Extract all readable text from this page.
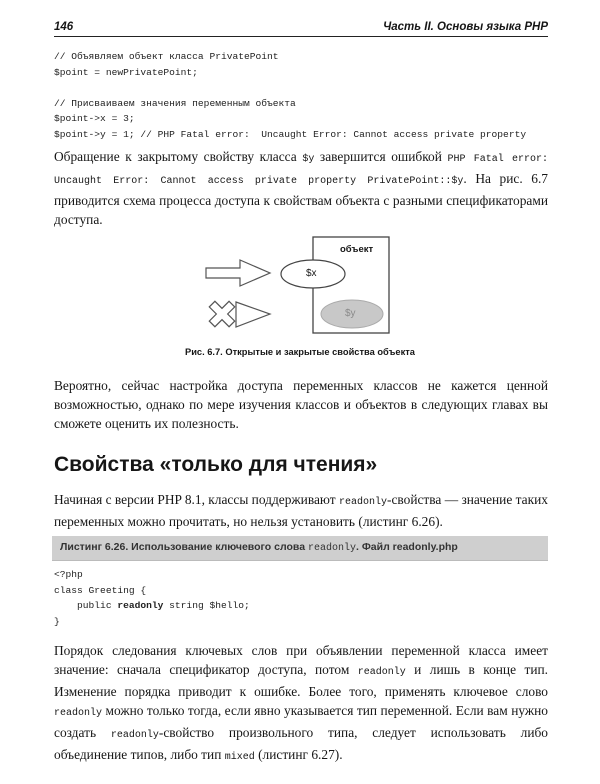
146	Часть II. Основы языка PHP
// Объявляем объект класса PrivatePoint
$point = newPrivatePoint;

// Присваиваем значения переменным объекта
$point->x = 3;
$point->y = 1; // PHP Fatal error:  Uncaught Error: Cannot access private property
Обращение к закрытому свойству класса $y завершится ошибкой PHP Fatal error: Uncaught Error: Cannot access private property PrivatePoint::$y. На рис. 6.7 приводится схема процесса доступа к свойствам объекта с разными спецификаторами доступа.
объект
$x
$y
Рис. 6.7. Открытые и закрытые свойства объекта
Вероятно, сейчас настройка доступа переменных классов не кажется ценной возможностью, однако по мере изучения классов и объектов в следующих главах вы сможете оценить их полезность.
Свойства «только для чтения»
Начиная с версии PHP 8.1, классы поддерживают readonly-свойства — значение таких переменных можно прочитать, но нельзя установить (листинг 6.26).
Листинг 6.26. Использование ключевого слова readonly. Файл readonly.php
<?php
class Greeting {
public readonly string $hello;
}
Порядок следования ключевых слов при объявлении переменной класса имеет значение: сначала спецификатор доступа, потом readonly и лишь в конце тип. Изменение порядка приводит к ошибке. Более того, применять ключевое слово readonly можно только тогда, если явно указывается тип переменной. Если вам нужно создать readonly-свойство произвольного типа, следует использовать либо объединение типов, либо тип mixed (листинг 6.27).
